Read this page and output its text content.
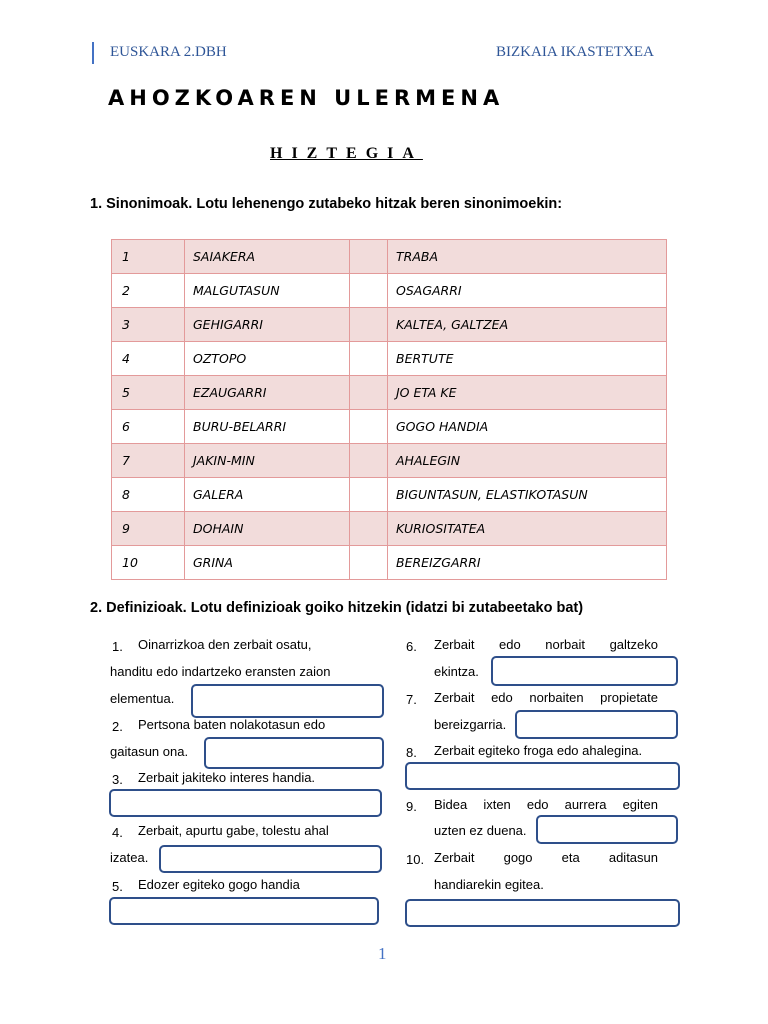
EUSKARA 2.DBH	BIZKAIA IKASTETXEA
AHOZKOAREN ULERMENA
HIZTEGIA
1. Sinonimoak. Lotu lehenengo zutabeko hitzak beren sinonimoekin:
1	SAIAKERA		TRABA
2	MALGUTASUN		OSAGARRI
3	GEHIGARRI		KALTEA, GALTZEA
4	OZTOPO		BERTUTE
5	EZAUGARRI		JO ETA KE
6	BURU-BELARRI		GOGO HANDIA
7	JAKIN-MIN		AHALEGIN
8	GALERA		BIGUNTASUN, ELASTIKOTASUN
9	DOHAIN		KURIOSITATEA
10	GRINA		BEREIZGARRI
2. Definizioak. Lotu definizioak goiko hitzekin (idatzi bi zutabeetako bat)
1. Oinarrizkoa den zerbait osatu,
handitu edo indartzeko eransten zaion
elementua.
2. Pertsona baten nolakotasun edo
gaitasun ona.
3. Zerbait jakiteko interes handia.
4. Zerbait, apurtu gabe, tolestu ahal
izatea.
5. Edozer egiteko gogo handia
6. Zerbait edo norbait galtzeko
ekintza.
7. Zerbait edo norbaiten propietate
bereizgarria.
8. Zerbait egiteko froga edo ahalegina.
9. Bidea ixten edo aurrera egiten
uzten ez duena.
10. Zerbait gogo eta aditasun
handiarekin egitea.
1
